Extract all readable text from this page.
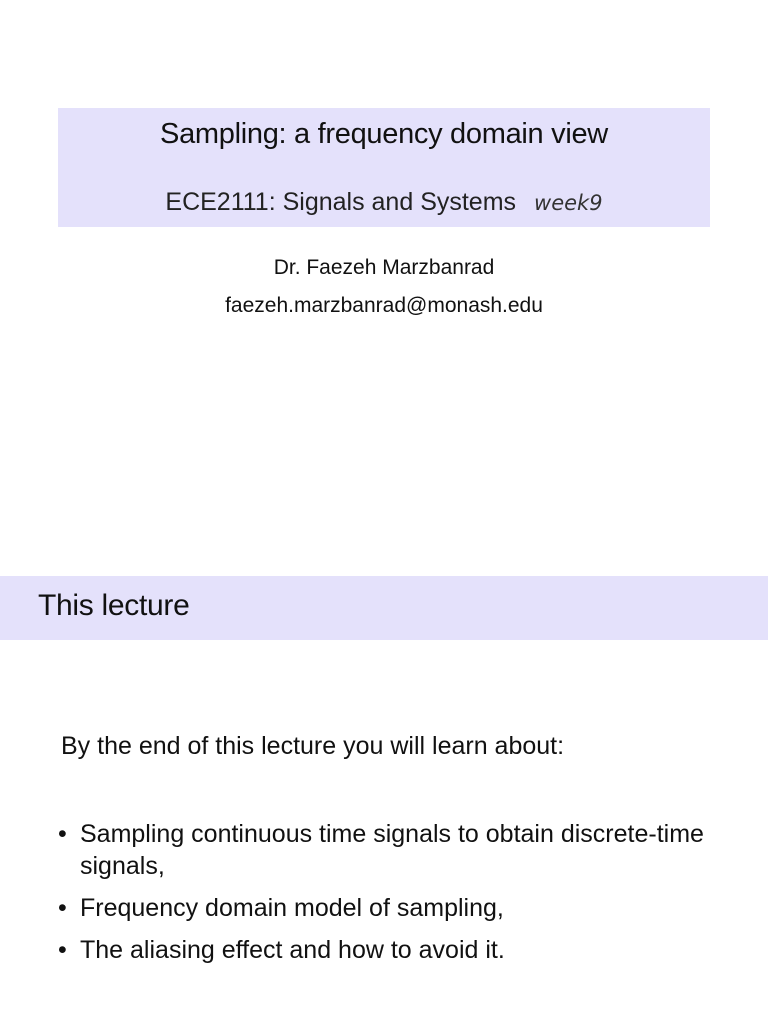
Sampling: a frequency domain view
ECE2111: Signals and Systems week9
Dr. Faezeh Marzbanrad
faezeh.marzbanrad@monash.edu
This lecture
By the end of this lecture you will learn about:
• Sampling continuous time signals to obtain discrete-time signals,
• Frequency domain model of sampling,
• The aliasing effect and how to avoid it.
